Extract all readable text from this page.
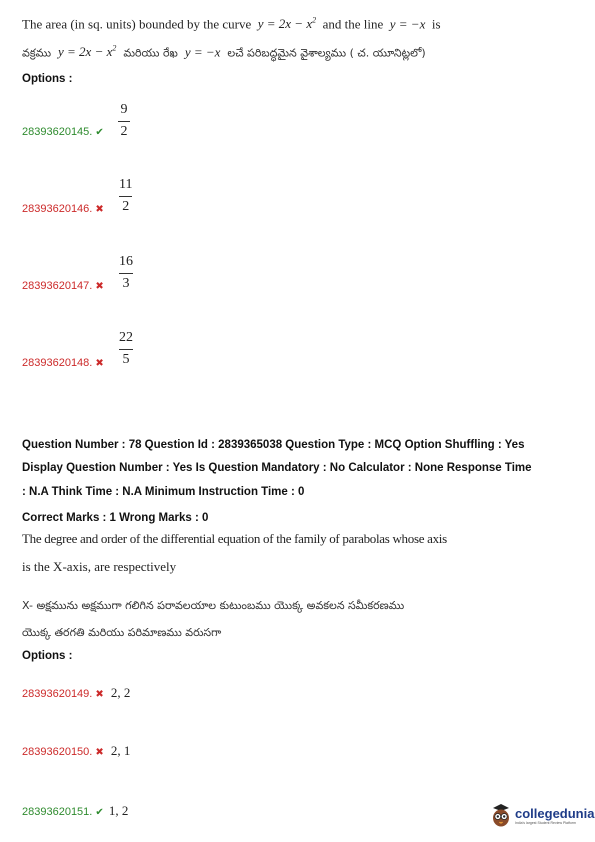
The area (in sq. units) bounded by the curve $y = 2x - x^2$ and the line y = −x is
వక్రము $y = 2x - x^2$ మరియు రేఖ y = −x లచే పరిబద్ధమైన వైశాల్యము ( చ. యూనిట్లలో)
Options :
28393620145. ✔
9
2
28393620146. ✖
11
2
28393620147. ✖
16
3
28393620148. ✖
22
5
Question Number : 78 Question Id : 2839365038 Question Type : MCQ Option Shuffling : Yes
Display Question Number : Yes Is Question Mandatory : No Calculator : None Response Time
: N.A Think Time : N.A Minimum Instruction Time : 0
Correct Marks : 1 Wrong Marks : 0
The degree and order of the differential equation of the family of parabolas whose axis
is the X-axis, are respectively
X- అక్షమును అక్షముగా గలిగిన పరావలయాల కుటుంబము యొక్క అవకలన సమీకరణము
యొక్క తరగతి మరియు పరిమాణము వరుసగా
Options :
28393620149. ✖ 2, 2
28393620150. ✖ 2, 1
28393620151. ✔ 1, 2	collegedunia
India's largest Student Review Platform
